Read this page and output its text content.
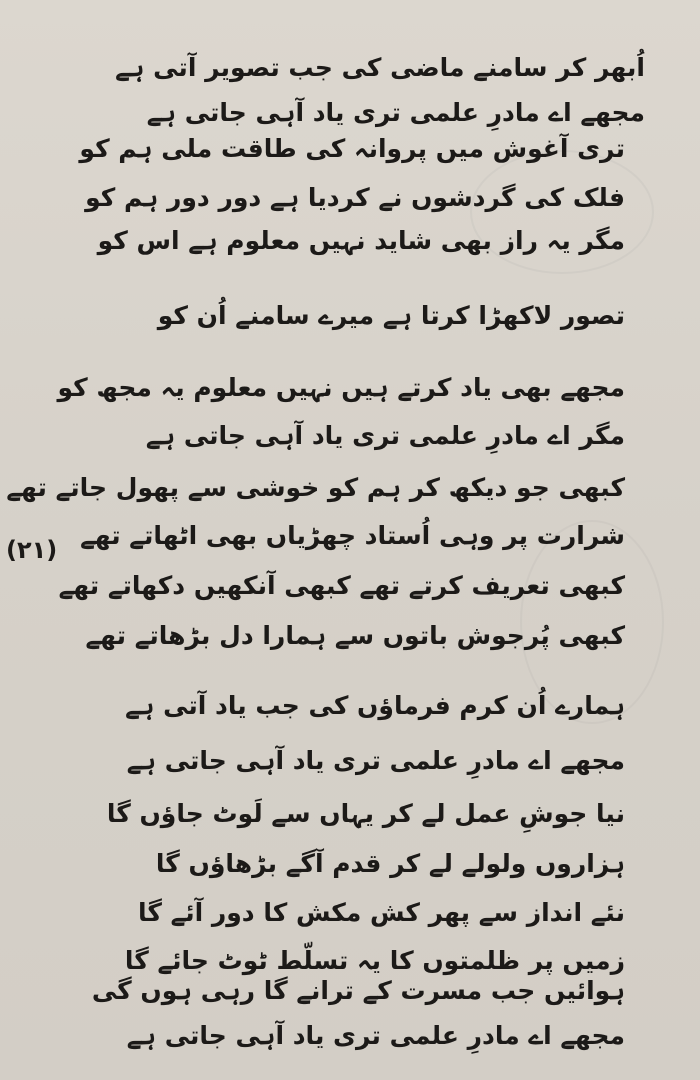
اُبھر کر سامنے ماضی کی جب تصویر آتی ہے
مجھے اے مادرِ علمی تری یاد آہی جاتی ہے
تری آغوش میں پروانہ کی طاقت ملی ہم کو
فلک کی گردشوں نے کردیا ہے دور دور ہم کو
مگر یہ راز بھی شاید نہیں معلوم ہے اس کو
تصور لاکھڑا کرتا ہے میرے سامنے اُن کو
مجھے بھی یاد کرتے ہیں نہیں معلوم یہ مجھ کو
مگر اے مادرِ علمی تری یاد آہی جاتی ہے
کبھی جو دیکھ کر ہم کو خوشی سے پھول جاتے تھے
شرارت پر وہی اُستاد چھڑیاں بھی اٹھاتے تھے
کبھی تعریف کرتے تھے کبھی آنکھیں دکھاتے تھے
کبھی پُرجوش باتوں سے ہمارا دل بڑھاتے تھے
ہمارے اُن کرم فرماؤں کی جب یاد آتی ہے
مجھے اے مادرِ علمی تری یاد آہی جاتی ہے
نیا جوشِ عمل لے کر یہاں سے لَوٹ جاؤں گا
ہزاروں ولولے لے کر قدم آگے بڑھاؤں گا
نئے انداز سے پھر کش مکش کا دور آئے گا
زمیں پر ظلمتوں کا یہ تسلّط ٹوٹ جائے گا
ہوائیں جب مسرت کے ترانے گا رہی ہوں گی
مجھے اے مادرِ علمی تری یاد آہی جاتی ہے
(۲۱)
